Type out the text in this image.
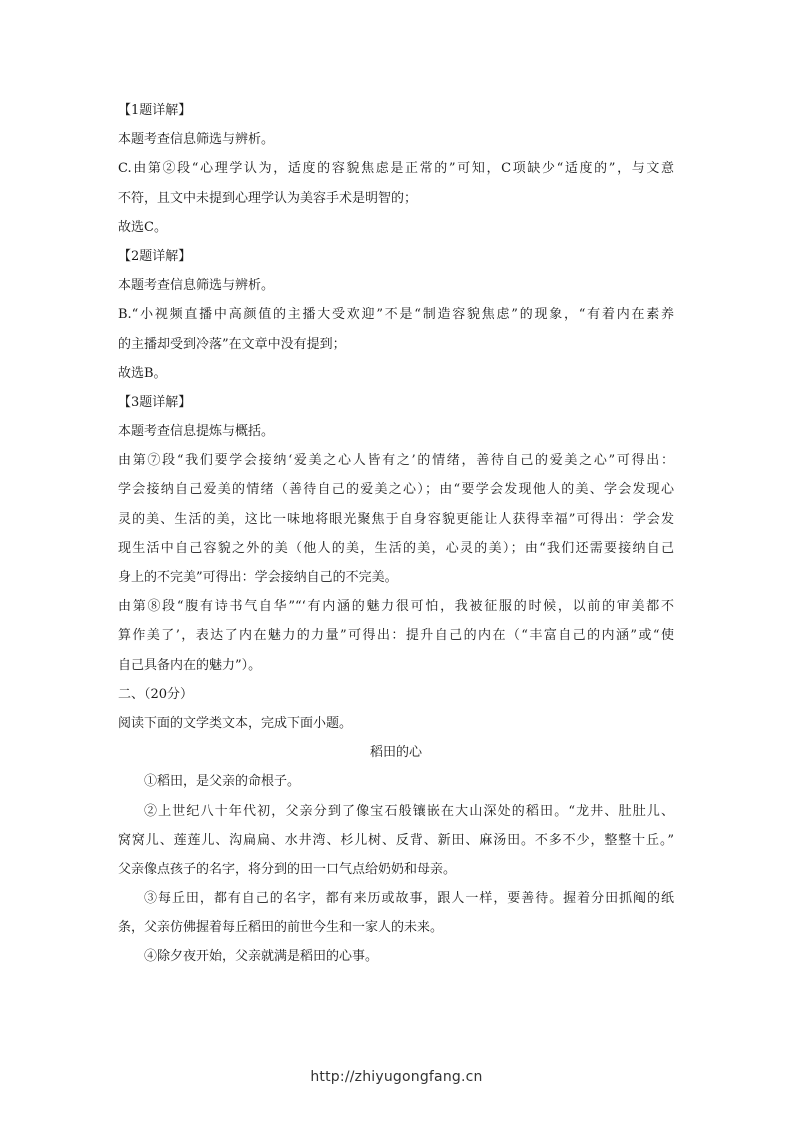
【1题详解】
本题考查信息筛选与辨析。
C.由第②段“心理学认为，适度的容貌焦虑是正常的”可知，C项缺少“适度的”，与文意
不符，且文中未提到心理学认为美容手术是明智的；
故选C。
【2题详解】
本题考查信息筛选与辨析。
B.“小视频直播中高颜值的主播大受欢迎”不是“制造容貌焦虑”的现象，“有着内在素养
的主播却受到冷落”在文章中没有提到；
故选B。
【3题详解】
本题考查信息提炼与概括。
由第⑦段“我们要学会接纳‘爱美之心人皆有之’的情绪，善待自己的爱美之心”可得出：
学会接纳自己爱美的情绪（善待自己的爱美之心）；由“要学会发现他人的美、学会发现心
灵的美、生活的美，这比一味地将眼光聚焦于自身容貌更能让人获得幸福”可得出：学会发
现生活中自己容貌之外的美（他人的美，生活的美，心灵的美）；由“我们还需要接纳自己
身上的不完美”可得出：学会接纳自己的不完美。
由第⑧段“腹有诗书气自华”“‘有内涵的魅力很可怕，我被征服的时候，以前的审美都不
算作美了’，表达了内在魅力的力量”可得出：提升自己的内在（“丰富自己的内涵”或“使
自己具备内在的魅力”）。
二、（20分）
阅读下面的文学类文本，完成下面小题。
稻田的心
①稻田，是父亲的命根子。
②上世纪八十年代初，父亲分到了像宝石般镶嵌在大山深处的稻田。“龙井、肚肚儿、
窝窝儿、莲莲儿、沟扁扁、水井湾、杉儿树、反背、新田、麻汤田。不多不少，整整十丘。”
父亲像点孩子的名字，将分到的田一口气点给奶奶和母亲。
③每丘田，都有自己的名字，都有来历或故事，跟人一样，要善待。握着分田抓阄的纸
条，父亲仿佛握着每丘稻田的前世今生和一家人的未来。
④除夕夜开始，父亲就满是稻田的心事。
http://zhiyugongfang.cn
